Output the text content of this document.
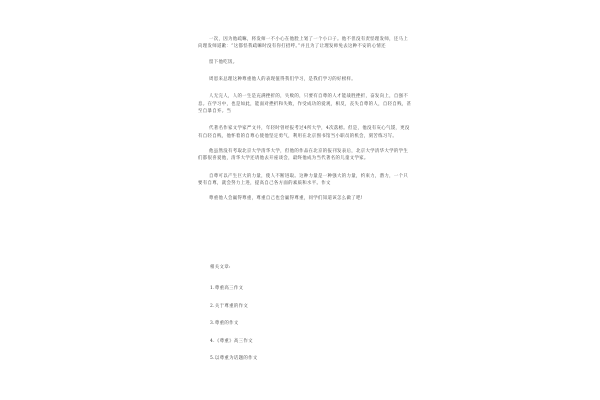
一次，因为他疏嘛，将发师一不小心在他脸上划了一个小口子。他不但没有责怪理发师，还马上向理发师道歉：“这都怪我疏嘛时没有你打招呼。”并且为了让理发师免去这种不安的心情还

留下他吃饭。

周恩来总理这种尊重他人的表现值得我们学习，是我们学习的好榜样。

人无完人，人的一生是充满挫折的，失败的，只要有自尊的人才能战胜挫折，奋发向上，自强不息。在学习中，也是如此，能面对挫折和失败，作受成功的爱观，相反，丧失自尊的人，自轻自贱，甚至自暴自弃。当

代著名作家文学家严文井，年轻时曾经报考过4所大学，4次落榜。但是，他没有灰心气馁，更没有自轻自贱，他怀着的自尊心使他坚定勇气，利用在北京图书馆当小职员的机会，刻苦练习写。

他虽然没有考取北京大学清华大学，但他的作品在北京的报刊发表后，北京大学清华大学的学生们都很喜爱他，清华大学还请他去开座谈会，最终他成为当代著名的儿童文学家。

自尊可以产生巨大的力量，使人不断进取。这种力量是一种强大的力量，约束力，潜力，一个只要有自尊，就会努力上进，提高自己各方面的素质和水平。作文

尊重他人会赢得尊重，尊重自己也会赢得尊重，同学们知道该怎么做了吧!

相关文章:
1.尊重高三作文
2.关于尊重的作文
3.尊重的作文
4.《尊重》高三作文
5.以尊重为话题的作文
